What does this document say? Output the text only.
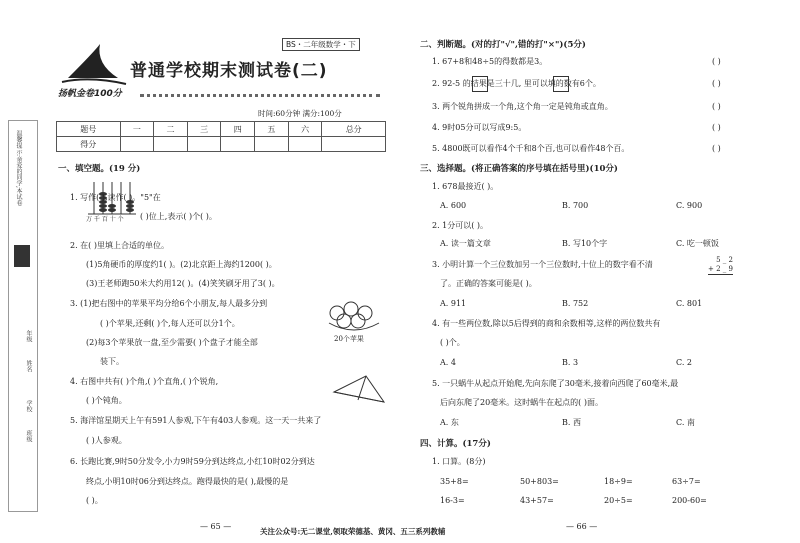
温馨提示:亲爱的同学,本试卷
年级
姓名
学校
班级
普通学校期末测试卷(二)
BS・二年级数学・下
扬帆金卷100分
时间:60分钟 满分:100分
题号	一	二	三	四	五	六	总分
得分							
一、填空题。(19 分)
万 千 百 十 个
1. 写作( ),读作( )。"5"在
( )位上,表示( )个( )。
2. 在( )里填上合适的单位。
(1)5角硬币的厚度约1( )。(2)北京距上海约1200( )。
(3)王老师跑50米大约用12( )。(4)笑笑刷牙用了3( )。
3. (1)把右图中的苹果平均分给6个小朋友,每人最多分到
( )个苹果,还剩( )个,每人还可以分1个。
(2)每3个苹果放一盘,至少需要( )个盘子才能全部
装下。
20个苹果
4. 右图中共有( )个角,( )个直角,( )个锐角,
( )个钝角。
5. 海洋馆星期天上午有591人参观,下午有403人参观。这一天一共来了
( )人参观。
6. 长跑比赛,9时50分发令,小力9时59分到达终点,小红10时02分到达
终点,小明10时06分到达终点。跑得最快的是( ),最慢的是
( )。
— 65 —
二、判断题。(对的打"√",错的打"×")(5分)
1. 67+8和48÷5的得数都是3。	( )
2. 92-5 的结果是三十几, 里可以填的数有6个。	( )
3. 两个锐角拼成一个角,这个角一定是钝角或直角。	( )
4. 9时05分可以写成9:5。	( )
5. 4800既可以看作4个千和8个百,也可以看作48个百。	( )
三、选择题。(将正确答案的序号填在括号里)(10分)
1. 678最接近( )。
A. 600	B. 700	C. 900
2. 1分可以( )。
A. 读一篇文章	B. 写10个字	C. 吃一顿饭
3. 小明计算一个三位数加另一个三位数时,十位上的数字看不清
了。正确的答案可能是( )。
5 _ 2
+ 2 _ 9
A. 911	B. 752	C. 801
4. 有一些两位数,除以5后得到的商和余数相等,这样的两位数共有
( )个。
A. 4	B. 3	C. 2
5. 一只蜗牛从起点开始爬,先向东爬了30毫米,接着向西爬了60毫米,最
后向东爬了20毫米。这时蜗牛在起点的( )面。
A. 东	B. 西	C. 南
四、计算。(17分)
1. 口算。(8分)
35+8=	50+803=	18÷9=	63÷7=
16-3=	43+57=	20÷5=	200-60=
— 66 —
关注公众号:无二课堂,领取荣德基、黄冈、五三系列教辅
